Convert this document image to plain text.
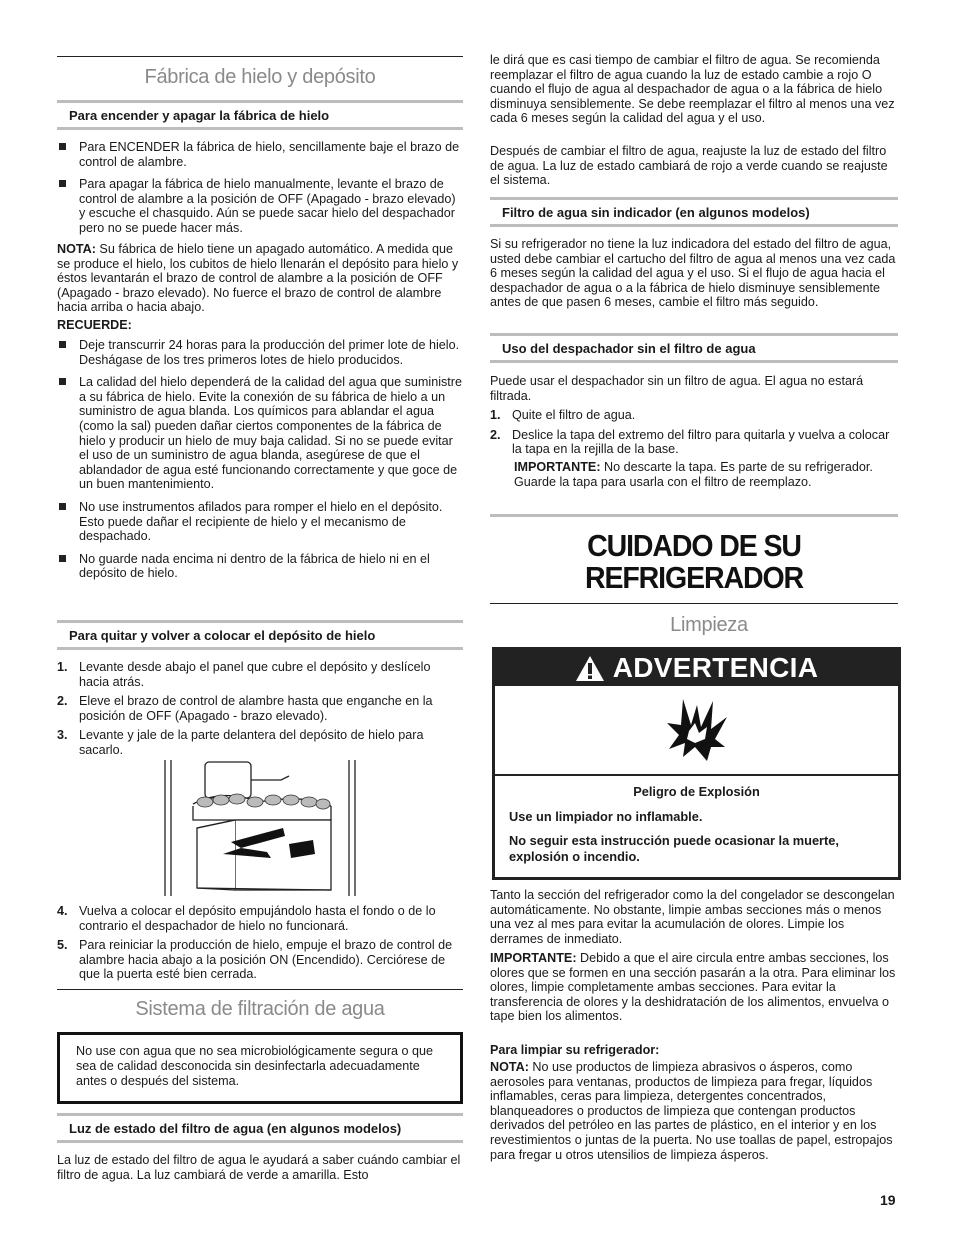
Fábrica de hielo y depósito
Para encender y apagar la fábrica de hielo
Para ENCENDER la fábrica de hielo, sencillamente baje el brazo de control de alambre.
Para apagar la fábrica de hielo manualmente, levante el brazo de control de alambre a la posición de OFF (Apagado - brazo elevado) y escuche el chasquido. Aún se puede sacar hielo del despachador pero no se puede hacer más.

NOTA: Su fábrica de hielo tiene un apagado automático. A medida que se produce el hielo, los cubitos de hielo llenarán el depósito para hielo y éstos levantarán el brazo de control de alambre a la posición de OFF (Apagado - brazo elevado). No fuerce el brazo de control de alambre hacia arriba o hacia abajo.

RECUERDE:

Deje transcurrir 24 horas para la producción del primer lote de hielo. Deshágase de los tres primeros lotes de hielo producidos.
La calidad del hielo dependerá de la calidad del agua que suministre a su fábrica de hielo. Evite la conexión de su fábrica de hielo a un suministro de agua blanda. Los químicos para ablandar el agua (como la sal) pueden dañar ciertos componentes de la fábrica de hielo y producir un hielo de muy baja calidad. Si no se puede evitar el uso de un suministro de agua blanda, asegúrese de que el ablandador de agua esté funcionando correctamente y que goce de un buen mantenimiento.
No use instrumentos afilados para romper el hielo en el depósito. Esto puede dañar el recipiente de hielo y el mecanismo de despachado.
No guarde nada encima ni dentro de la fábrica de hielo ni en el depósito de hielo.
Para quitar y volver a colocar el depósito de hielo
1. Levante desde abajo el panel que cubre el depósito y deslícelo hacia atrás.
2. Eleve el brazo de control de alambre hasta que enganche en la posición de OFF (Apagado - brazo elevado).
3. Levante y jale de la parte delantera del depósito de hielo para sacarlo.
4. Vuelva a colocar el depósito empujándolo hasta el fondo o de lo contrario el despachador de hielo no funcionará.
5. Para reiniciar la producción de hielo, empuje el brazo de control de alambre hacia abajo a la posición ON (Encendido). Cerciórese de que la puerta esté bien cerrada.
Sistema de filtración de agua

No use con agua que no sea microbiológicamente segura o que sea de calidad desconocida sin desinfectarla adecuadamente antes o después del sistema.

Luz de estado del filtro de agua (en algunos modelos)

La luz de estado del filtro de agua le ayudará a saber cuándo cambiar el filtro de agua. La luz cambiará de verde a amarilla. Esto

le dirá que es casi tiempo de cambiar el filtro de agua. Se recomienda reemplazar el filtro de agua cuando la luz de estado cambie a rojo O cuando el flujo de agua al despachador de agua o a la fábrica de hielo disminuya sensiblemente. Se debe reemplazar el filtro al menos una vez cada 6 meses según la calidad del agua y el uso.

Después de cambiar el filtro de agua, reajuste la luz de estado del filtro de agua. La luz de estado cambiará de rojo a verde cuando se reajuste el sistema.

Filtro de agua sin indicador (en algunos modelos)

Si su refrigerador no tiene la luz indicadora del estado del filtro de agua, usted debe cambiar el cartucho del filtro de agua al menos una vez cada 6 meses según la calidad del agua y el uso. Si el flujo de agua hacia el despachador de agua o a la fábrica de hielo disminuye sensiblemente antes de que pasen 6 meses, cambie el filtro más seguido.

Uso del despachador sin el filtro de agua

Puede usar el despachador sin un filtro de agua. El agua no estará filtrada.

1. Quite el filtro de agua.
2. Deslice la tapa del extremo del filtro para quitarla y vuelva a colocar la tapa en la rejilla de la base.

IMPORTANTE: No descarte la tapa. Es parte de su refrigerador. Guarde la tapa para usarla con el filtro de reemplazo.

CUIDADO DE SU
REFRIGERADOR
Limpieza
ADVERTENCIA

Peligro de Explosión

Use un limpiador no inflamable.

No seguir esta instrucción puede ocasionar la muerte, explosión o incendio.

Tanto la sección del refrigerador como la del congelador se descongelan automáticamente. No obstante, limpie ambas secciones más o menos una vez al mes para evitar la acumulación de olores. Limpie los derrames de inmediato.

IMPORTANTE: Debido a que el aire circula entre ambas secciones, los olores que se formen en una sección pasarán a la otra. Para eliminar los olores, limpie completamente ambas secciones. Para evitar la transferencia de olores y la deshidratación de los alimentos, envuelva o tape bien los alimentos.

Para limpiar su refrigerador:

NOTA: No use productos de limpieza abrasivos o ásperos, como aerosoles para ventanas, productos de limpieza para fregar, líquidos inflamables, ceras para limpieza, detergentes concentrados, blanqueadores o productos de limpieza que contengan productos derivados del petróleo en las partes de plástico, en el interior y en los revestimientos o juntas de la puerta. No use toallas de papel, estropajos para fregar u otros utensilios de limpieza ásperos.

19
